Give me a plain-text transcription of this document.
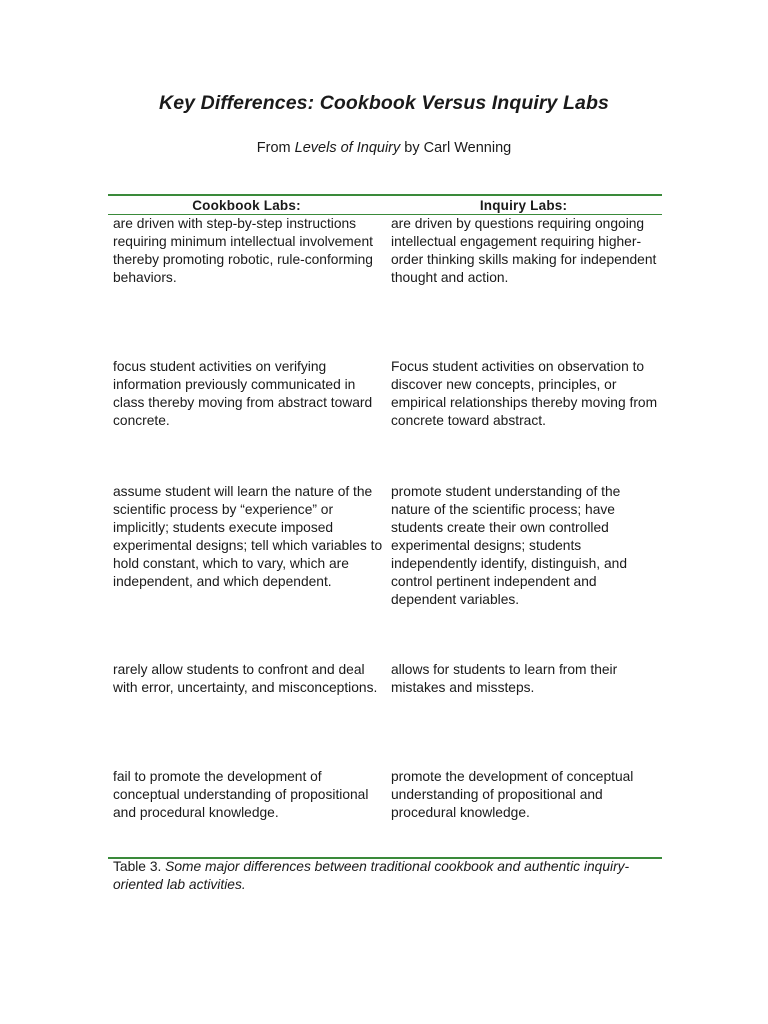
Key Differences: Cookbook Versus Inquiry Labs
From Levels of Inquiry by Carl Wenning
Cookbook Labs:	Inquiry Labs:
are driven with step-by-step instructions requiring minimum intellectual involvement thereby promoting robotic, rule-conforming behaviors.
are driven by questions requiring ongoing intellectual engagement requiring higher-order thinking skills making for independent thought and action.
focus student activities on verifying information previously communicated in class thereby moving from abstract toward concrete.
Focus student activities on observation to discover new concepts, principles, or empirical relationships thereby moving from concrete toward abstract.
assume student will learn the nature of the scientific process by “experience” or implicitly; students execute imposed experimental designs; tell which variables to hold constant, which to vary, which are independent, and which dependent.
promote student understanding of the nature of the scientific process; have students create their own controlled experimental designs; students independently identify, distinguish, and control pertinent independent and dependent variables.
rarely allow students to confront and deal with error, uncertainty, and misconceptions.
allows for students to learn from their mistakes and missteps.
fail to promote the development of conceptual understanding of propositional and procedural knowledge.
promote the development of conceptual understanding of propositional and procedural knowledge.
Table 3. Some major differences between traditional cookbook and authentic inquiry-oriented lab activities.
